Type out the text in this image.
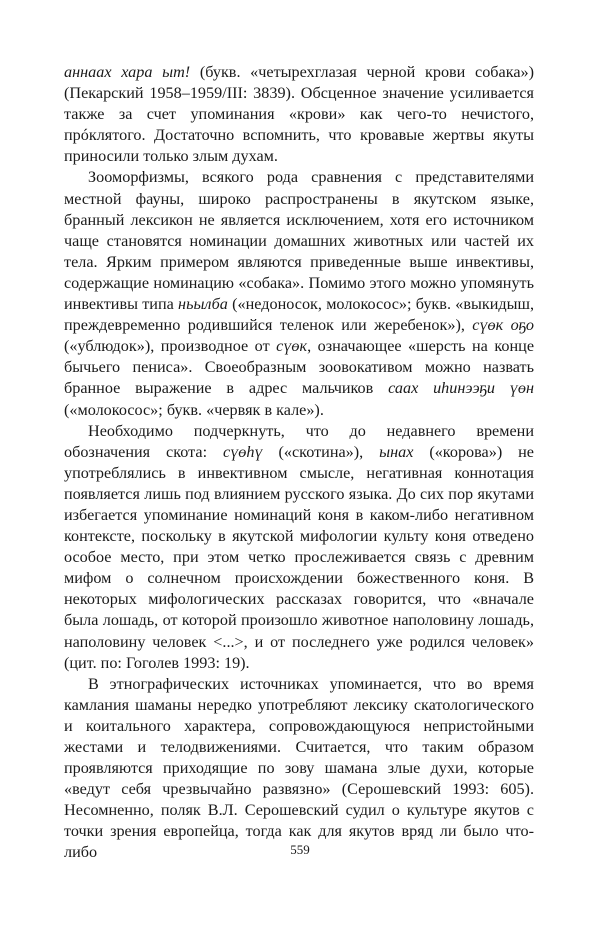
аннаах хара ыт! (букв. «четырехглазая черной крови собака») (Пекарский 1958–1959/III: 3839). Обсценное значение усиливается также за счет упоминания «крови» как чего-то нечистого, прóклятого. Достаточно вспомнить, что кровавые жертвы якуты приносили только злым духам.

Зооморфизмы, всякого рода сравнения с представителями местной фауны, широко распространены в якутском языке, бранный лексикон не является исключением, хотя его источником чаще становятся номинации домашних животных или частей их тела. Ярким примером являются приведенные выше инвективы, содержащие номинацию «собака». Помимо этого можно упомянуть инвективы типа ньылба («недоносок, молокосос»; букв. «выкидыш, преждевременно родившийся теленок или жеребенок»), сүөк оҕо («ублюдок»), производное от сүөк, означающее «шерсть на конце бычьего пениса». Своеобразным зоовокативом можно назвать бранное выражение в адрес мальчиков саах иһинээҕи үөн («молокосос»; букв. «червяк в кале»).

Необходимо подчеркнуть, что до недавнего времени обозначения скота: сүөһү («скотина»), ынах («корова») не употреблялись в инвективном смысле, негативная коннотация появляется лишь под влиянием русского языка. До сих пор якутами избегается упоминание номинаций коня в каком-либо негативном контексте, поскольку в якутской мифологии культу коня отведено особое место, при этом четко прослеживается связь с древним мифом о солнечном происхождении божественного коня. В некоторых мифологических рассказах говорится, что «вначале была лошадь, от которой произошло животное наполовину лошадь, наполовину человек <...>, и от последнего уже родился человек» (цит. по: Гоголев 1993: 19).

В этнографических источниках упоминается, что во время камлания шаманы нередко употребляют лексику скатологического и коитального характера, сопровождающуюся непристойными жестами и телодвижениями. Считается, что таким образом проявляются приходящие по зову шамана злые духи, которые «ведут себя чрезвычайно развязно» (Серошевский 1993: 605). Несомненно, поляк В.Л. Серошевский судил о культуре якутов с точки зрения европейца, тогда как для якутов вряд ли было что-либо	559
